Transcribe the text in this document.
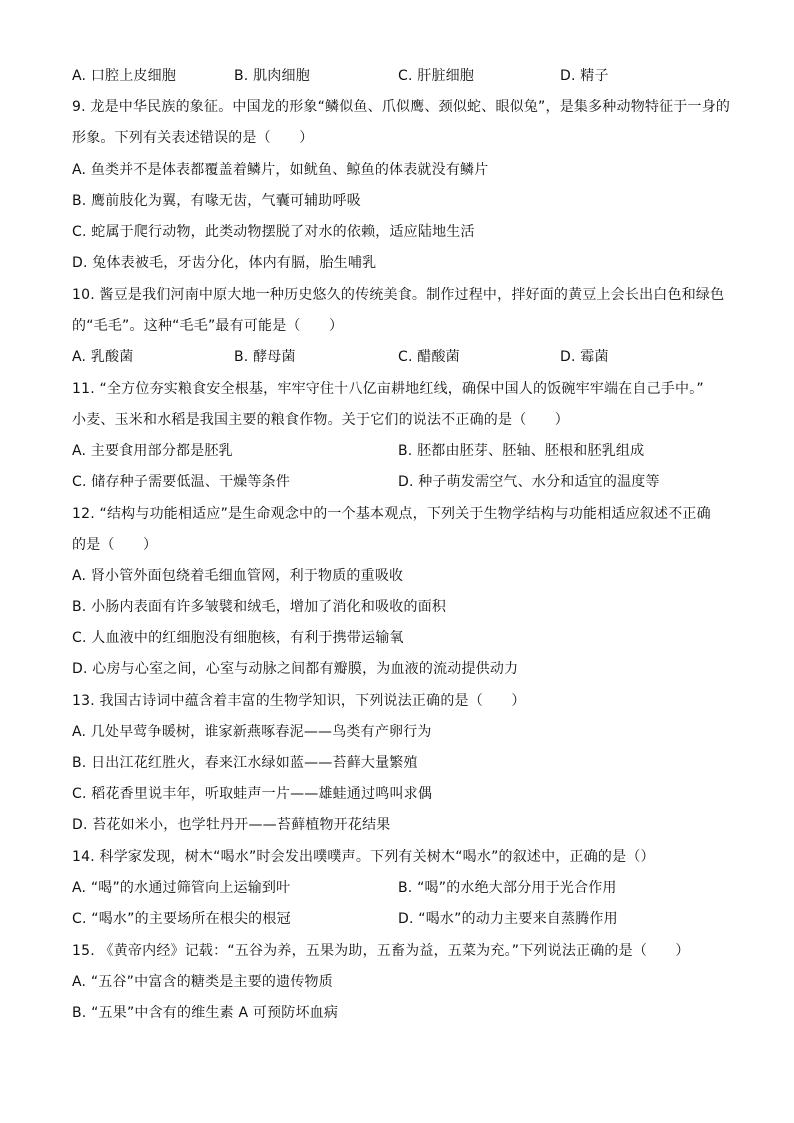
A. 口腔上皮细胞	B. 肌肉细胞	C. 肝脏细胞	D. 精子
9. 龙是中华民族的象征。中国龙的形象“鳞似鱼、爪似鹰、颈似蛇、眼似兔”，是集多种动物特征于一身的
形象。下列有关表述错误的是（　　）
A. 鱼类并不是体表都覆盖着鳞片，如鱿鱼、鲸鱼的体表就没有鳞片
B. 鹰前肢化为翼，有喙无齿，气囊可辅助呼吸
C. 蛇属于爬行动物，此类动物摆脱了对水的依赖，适应陆地生活
D. 兔体表被毛，牙齿分化，体内有膈，胎生哺乳
10. 酱豆是我们河南中原大地一种历史悠久的传统美食。制作过程中，拌好面的黄豆上会长出白色和绿色
的“毛毛”。这种“毛毛”最有可能是（　　）
A. 乳酸菌	B. 酵母菌	C. 醋酸菌	D. 霉菌
11. “全方位夯实粮食安全根基，牢牢守住十八亿亩耕地红线，确保中国人的饭碗牢牢端在自己手中。”
小麦、玉米和水稻是我国主要的粮食作物。关于它们的说法不正确的是（　　）
A. 主要食用部分都是胚乳	B. 胚都由胚芽、胚轴、胚根和胚乳组成
C. 储存种子需要低温、干燥等条件	D. 种子萌发需空气、水分和适宜的温度等
12. “结构与功能相适应”是生命观念中的一个基本观点，下列关于生物学结构与功能相适应叙述不正确
的是（　　）
A. 肾小管外面包绕着毛细血管网，利于物质的重吸收
B. 小肠内表面有许多皱襞和绒毛，增加了消化和吸收的面积
C. 人血液中的红细胞没有细胞核，有利于携带运输氧
D. 心房与心室之间，心室与动脉之间都有瓣膜，为血液的流动提供动力
13. 我国古诗词中蕴含着丰富的生物学知识，下列说法正确的是（　　）
A. 几处早莺争暖树，谁家新燕啄春泥——鸟类有产卵行为
B. 日出江花红胜火，春来江水绿如蓝——苔藓大量繁殖
C. 稻花香里说丰年，听取蛙声一片——雄蛙通过鸣叫求偶
D. 苔花如米小，也学牡丹开——苔藓植物开花结果
14. 科学家发现，树木“喝水”时会发出噗噗声。下列有关树木“喝水”的叙述中，正确的是（）
A. “喝”的水通过筛管向上运输到叶	B. “喝”的水绝大部分用于光合作用
C. “喝水”的主要场所在根尖的根冠	D. “喝水”的动力主要来自蒸腾作用
15. 《黄帝内经》记载：“五谷为养，五果为助，五畜为益，五菜为充。”下列说法正确的是（　　）
A. “五谷”中富含的糖类是主要的遗传物质
B. “五果”中含有的维生素 A 可预防坏血病
